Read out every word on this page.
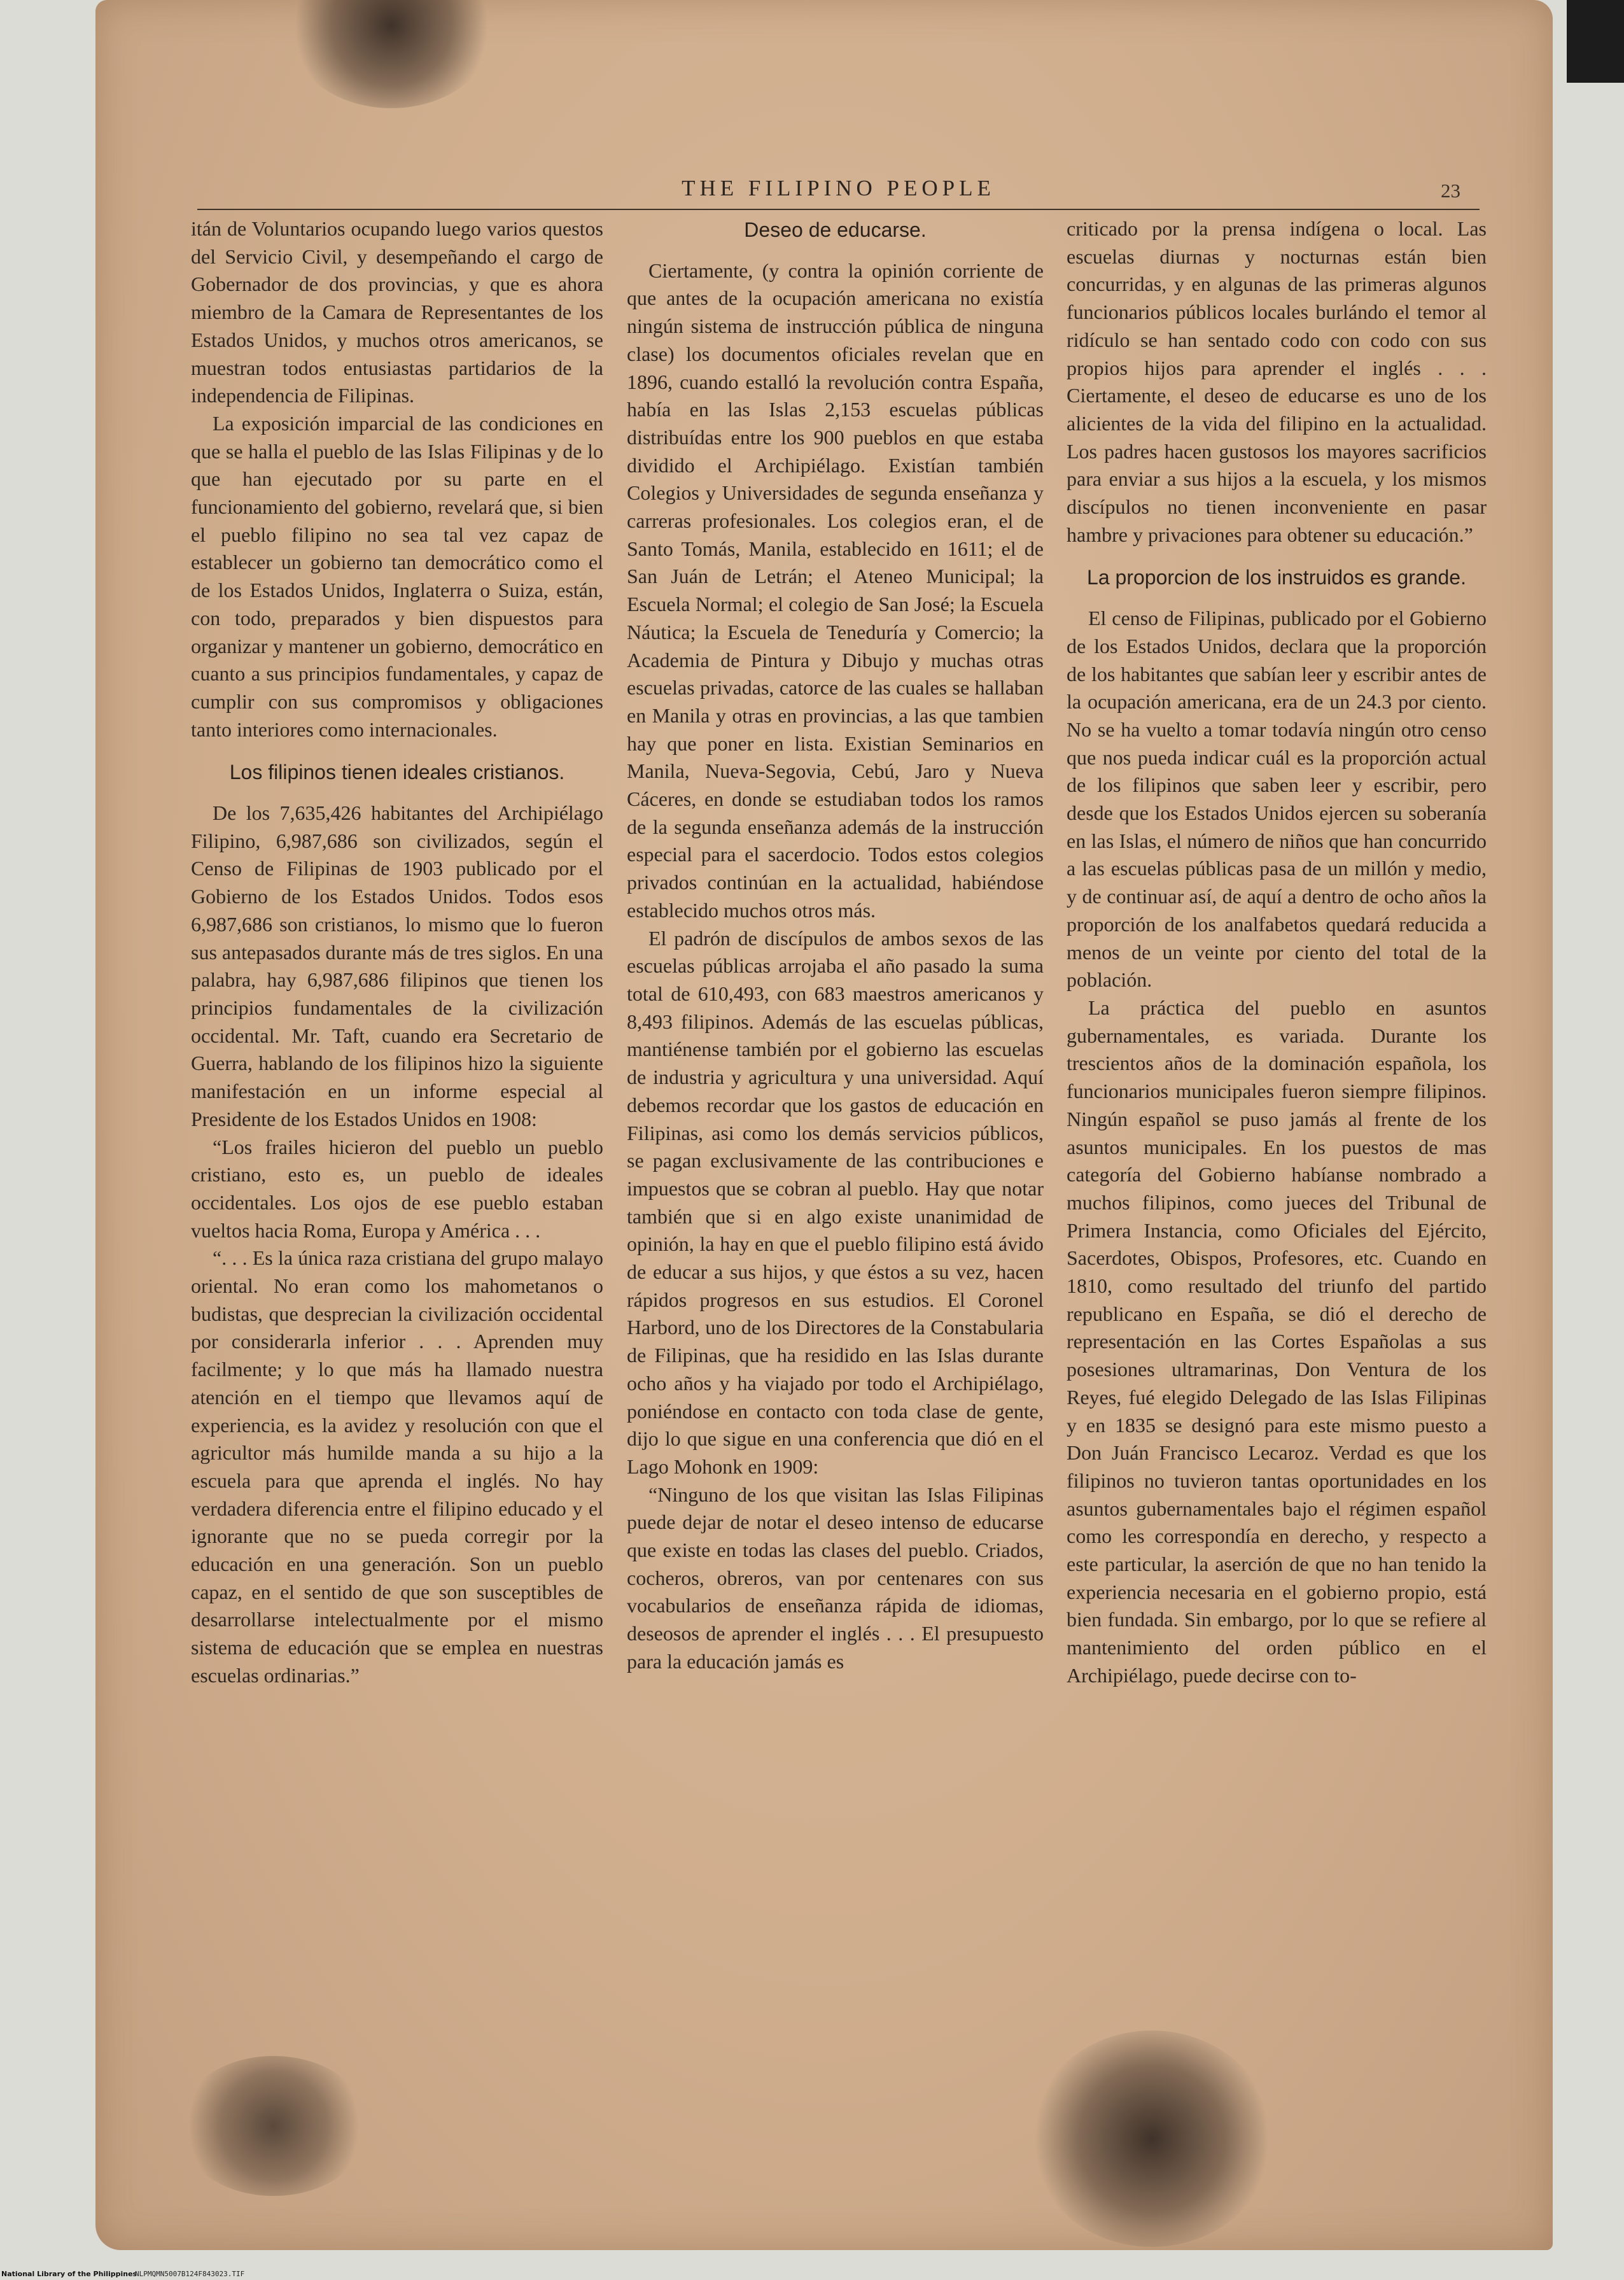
THE FILIPINO PEOPLE	23

itán de Voluntarios ocupando luego varios questos del Servicio Civil, y desempeñando el cargo de Gobernador de dos provincias, y que es ahora miembro de la Camara de Representantes de los Estados Unidos, y muchos otros americanos, se muestran todos entusiastas partidarios de la independencia de Filipinas.

La exposición imparcial de las condiciones en que se halla el pueblo de las Islas Filipinas y de lo que han ejecutado por su parte en el funcionamiento del gobierno, revelará que, si bien el pueblo filipino no sea tal vez capaz de establecer un gobierno tan democrático como el de los Estados Unidos, Inglaterra o Suiza, están, con todo, preparados y bien dispuestos para organizar y mantener un gobierno, democrático en cuanto a sus principios fundamentales, y capaz de cumplir con sus compromisos y obligaciones tanto interiores como internacionales.

Los filipinos tienen ideales cristianos.

De los 7,635,426 habitantes del Archipiélago Filipino, 6,987,686 son civilizados, según el Censo de Filipinas de 1903 publicado por el Gobierno de los Estados Unidos. Todos esos 6,987,686 son cristianos, lo mismo que lo fueron sus antepasados durante más de tres siglos. En una palabra, hay 6,987,686 filipinos que tienen los principios fundamentales de la civilización occidental. Mr. Taft, cuando era Secretario de Guerra, hablando de los filipinos hizo la siguiente manifestación en un informe especial al Presidente de los Estados Unidos en 1908:

“Los frailes hicieron del pueblo un pueblo cristiano, esto es, un pueblo de ideales occidentales. Los ojos de ese pueblo estaban vueltos hacia Roma, Europa y América . . .

“. . . Es la única raza cristiana del grupo malayo oriental. No eran como los mahometanos o budistas, que desprecian la civilización occidental por considerarla inferior . . . Aprenden muy facilmente; y lo que más ha llamado nuestra atención en el tiempo que llevamos aquí de experiencia, es la avidez y resolución con que el agricultor más humilde manda a su hijo a la escuela para que aprenda el inglés. No hay verdadera diferencia entre el filipino educado y el ignorante que no se pueda corregir por la educación en una generación. Son un pueblo capaz, en el sentido de que son susceptibles de desarrollarse intelectualmente por el mismo sistema de educación que se emplea en nuestras escuelas ordinarias.”

Deseo de educarse.

Ciertamente, (y contra la opinión corriente de que antes de la ocupación americana no existía ningún sistema de instrucción pública de ninguna clase) los documentos oficiales revelan que en 1896, cuando estalló la revolución contra España, había en las Islas 2,153 escuelas públicas distribuídas entre los 900 pueblos en que estaba dividido el Archipiélago. Existían también Colegios y Universidades de segunda enseñanza y carreras profesionales. Los colegios eran, el de Santo Tomás, Manila, establecido en 1611; el de San Juán de Letrán; el Ateneo Municipal; la Escuela Normal; el colegio de San José; la Escuela Náutica; la Escuela de Teneduría y Comercio; la Academia de Pintura y Dibujo y muchas otras escuelas privadas, catorce de las cuales se hallaban en Manila y otras en provincias, a las que tambien hay que poner en lista. Existian Seminarios en Manila, Nueva-Segovia, Cebú, Jaro y Nueva Cáceres, en donde se estudiaban todos los ramos de la segunda enseñanza además de la instrucción especial para el sacerdocio. Todos estos colegios privados continúan en la actualidad, habiéndose establecido muchos otros más.

El padrón de discípulos de ambos sexos de las escuelas públicas arrojaba el año pasado la suma total de 610,493, con 683 maestros americanos y 8,493 filipinos. Además de las escuelas públicas, mantiénense también por el gobierno las escuelas de industria y agricultura y una universidad. Aquí debemos recordar que los gastos de educación en Filipinas, asi como los demás servicios públicos, se pagan exclusivamente de las contribuciones e impuestos que se cobran al pueblo. Hay que notar también que si en algo existe unanimidad de opinión, la hay en que el pueblo filipino está ávido de educar a sus hijos, y que éstos a su vez, hacen rápidos progresos en sus estudios. El Coronel Harbord, uno de los Directores de la Constabularia de Filipinas, que ha residido en las Islas durante ocho años y ha viajado por todo el Archipiélago, poniéndose en contacto con toda clase de gente, dijo lo que sigue en una conferencia que dió en el Lago Mohonk en 1909:

“Ninguno de los que visitan las Islas Filipinas puede dejar de notar el deseo intenso de educarse que existe en todas las clases del pueblo. Criados, cocheros, obreros, van por centenares con sus vocabularios de enseñanza rápida de idiomas, deseosos de aprender el inglés . . . El presupuesto para la educación jamás es

criticado por la prensa indígena o local. Las escuelas diurnas y nocturnas están bien concurridas, y en algunas de las primeras algunos funcionarios públicos locales burlándo el temor al ridículo se han sentado codo con codo con sus propios hijos para aprender el inglés . . . Ciertamente, el deseo de educarse es uno de los alicientes de la vida del filipino en la actualidad. Los padres hacen gustosos los mayores sacrificios para enviar a sus hijos a la escuela, y los mismos discípulos no tienen inconveniente en pasar hambre y privaciones para obtener su educación.”

La proporcion de los instruidos es grande.

El censo de Filipinas, publicado por el Gobierno de los Estados Unidos, declara que la proporción de los habitantes que sabían leer y escribir antes de la ocupación americana, era de un 24.3 por ciento. No se ha vuelto a tomar todavía ningún otro censo que nos pueda indicar cuál es la proporción actual de los filipinos que saben leer y escribir, pero desde que los Estados Unidos ejercen su soberanía en las Islas, el número de niños que han concurrido a las escuelas públicas pasa de un millón y medio, y de continuar así, de aquí a dentro de ocho años la proporción de los analfabetos quedará reducida a menos de un veinte por ciento del total de la población.

La práctica del pueblo en asuntos gubernamentales, es variada. Durante los trescientos años de la dominación española, los funcionarios municipales fueron siempre filipinos. Ningún español se puso jamás al frente de los asuntos municipales. En los puestos de mas categoría del Gobierno habíanse nombrado a muchos filipinos, como jueces del Tribunal de Primera Instancia, como Oficiales del Ejército, Sacerdotes, Obispos, Profesores, etc. Cuando en 1810, como resultado del triunfo del partido republicano en España, se dió el derecho de representación en las Cortes Españolas a sus posesiones ultramarinas, Don Ventura de los Reyes, fué elegido Delegado de las Islas Filipinas y en 1835 se designó para este mismo puesto a Don Juán Francisco Lecaroz. Verdad es que los filipinos no tuvieron tantas oportunidades en los asuntos gubernamentales bajo el régimen español como les correspondía en derecho, y respecto a este particular, la aserción de que no han tenido la experiencia necesaria en el gobierno propio, está bien fundada. Sin embargo, por lo que se refiere al mantenimiento del orden público en el Archipiélago, puede decirse con to-

National Library of the Philippines
NLPMQMN5007B124F843023.TIF
